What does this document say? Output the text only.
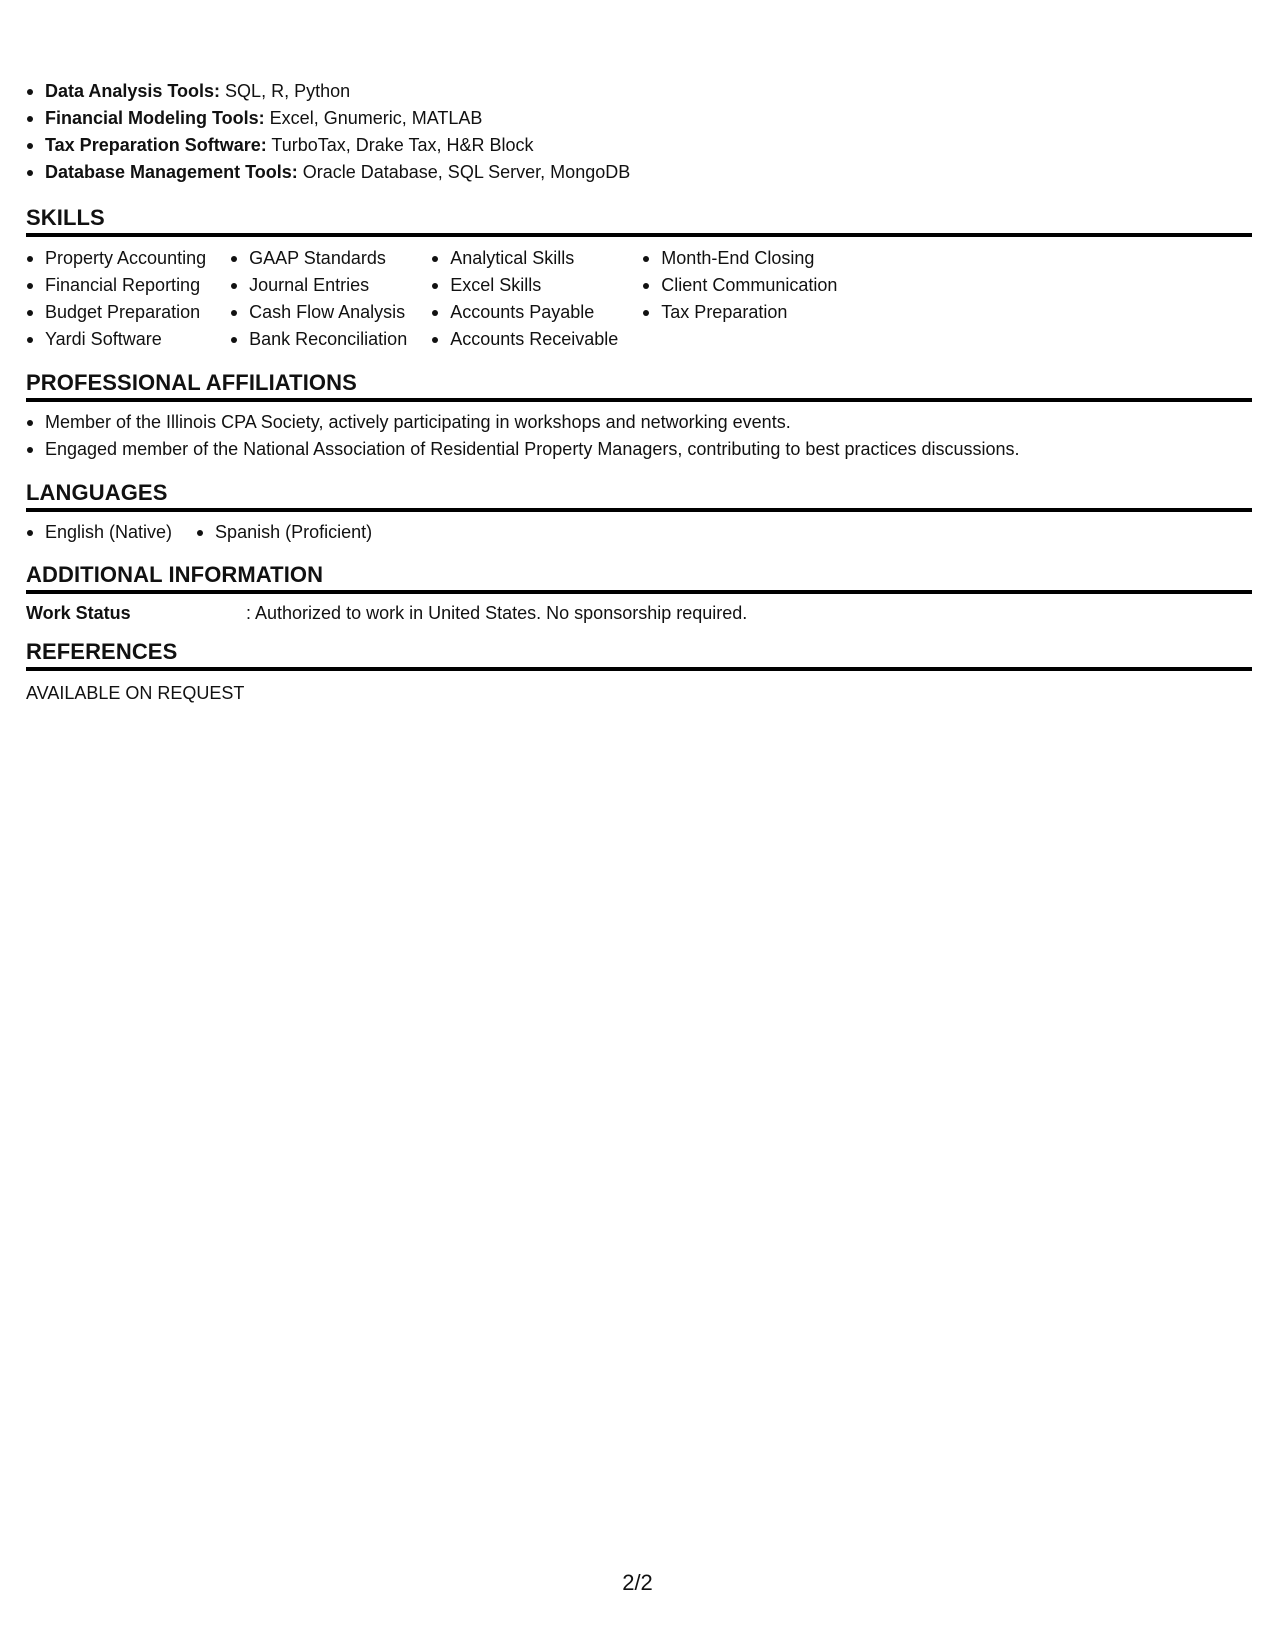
Data Analysis Tools: SQL, R, Python
Financial Modeling Tools: Excel, Gnumeric, MATLAB
Tax Preparation Software: TurboTax, Drake Tax, H&R Block
Database Management Tools: Oracle Database, SQL Server, MongoDB
SKILLS
Property Accounting
Financial Reporting
Budget Preparation
Yardi Software
GAAP Standards
Journal Entries
Cash Flow Analysis
Bank Reconciliation
Analytical Skills
Excel Skills
Accounts Payable
Accounts Receivable
Month-End Closing
Client Communication
Tax Preparation
PROFESSIONAL AFFILIATIONS
Member of the Illinois CPA Society, actively participating in workshops and networking events.
Engaged member of the National Association of Residential Property Managers, contributing to best practices discussions.
LANGUAGES
English (Native)	Spanish (Proficient)
ADDITIONAL INFORMATION
Work Status	: Authorized to work in United States. No sponsorship required.
REFERENCES
AVAILABLE ON REQUEST
2/2
